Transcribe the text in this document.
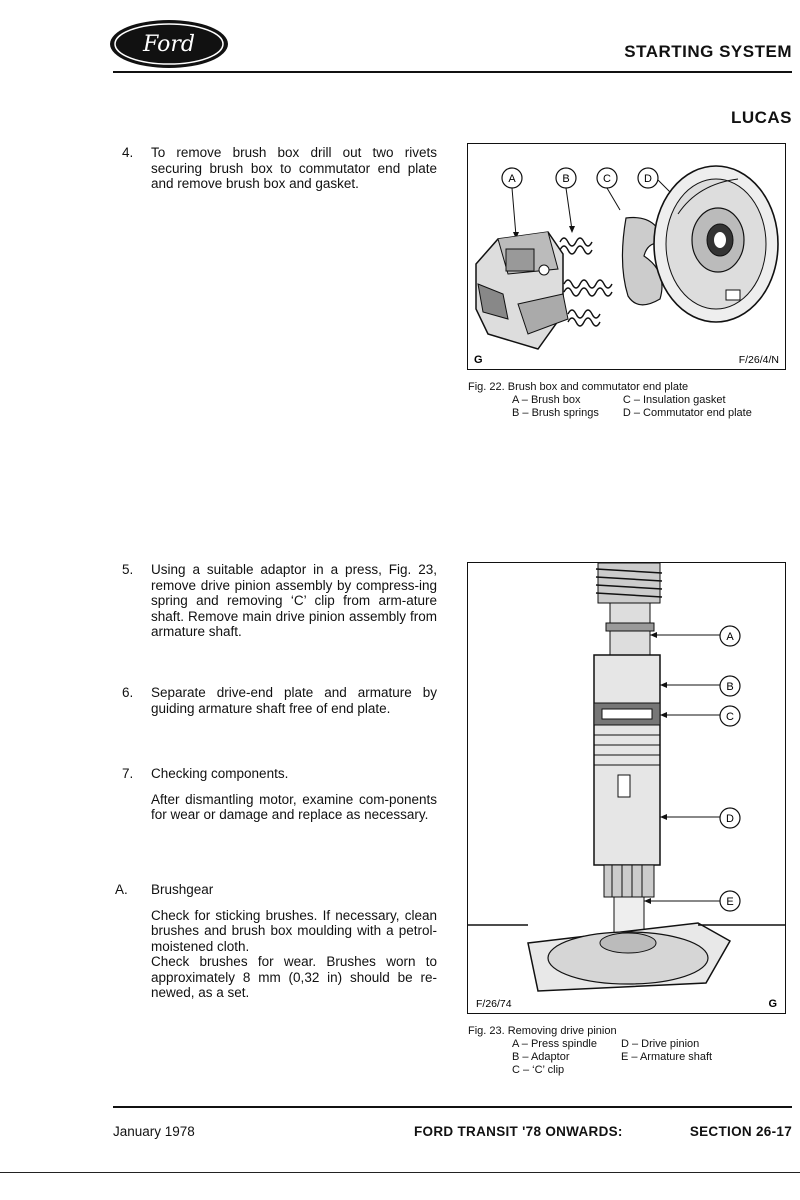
Ford	STARTING SYSTEM
LUCAS
4. To remove brush box drill out two rivets securing brush box to commutator end plate and remove brush box and gasket.	A	B	C	D
G	F/26/4/N
Fig. 22. Brush box and commutator end plate
A – Brush box	C – Insulation gasket
B – Brush springs	D – Commutator end plate
5. Using a suitable adaptor in a press, Fig. 23, remove drive pinion assembly by compress-ing spring and removing ‘C’ clip from arm-ature shaft. Remove main drive pinion assembly from armature shaft.

6. Separate drive-end plate and armature by guiding armature shaft free of end plate.

7. Checking components.

After dismantling motor, examine com-ponents for wear or damage and replace as necessary.

A. Brushgear

Check for sticking brushes. If necessary, clean brushes and brush box moulding with a petrol-moistened cloth.
Check brushes for wear. Brushes worn to approximately 8 mm (0,32 in) should be re-newed, as a set.

A
B
C
D
E
F/26/74	G
Fig. 23. Removing drive pinion
A – Press spindle	D – Drive pinion
B – Adaptor	E – Armature shaft
C – ‘C’ clip	
January 1978	FORD TRANSIT '78 ONWARDS:	SECTION 26-17
